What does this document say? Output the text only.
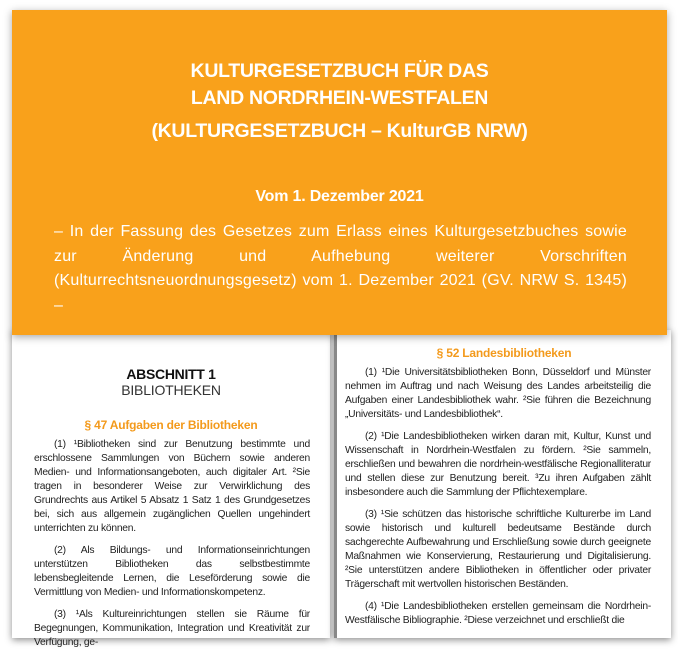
KULTURGESETZBUCH FÜR DAS
LAND NORDRHEIN-WESTFALEN
(KULTURGESETZBUCH – KulturGB NRW)
Vom 1. Dezember 2021
– In der Fassung des Gesetzes zum Erlass eines Kulturgesetzbuches sowie zur Änderung und Aufhebung weiterer Vorschriften (Kulturrechtsneuordnungsgesetz) vom 1. Dezember 2021 (GV. NRW S. 1345) –
ABSCHNITT 1
BIBLIOTHEKEN
§ 47 Aufgaben der Bibliotheken

(1) ¹Bibliotheken sind zur Benutzung bestimmte und erschlossene Sammlungen von Büchern sowie anderen Medien- und Informationsangeboten, auch digitaler Art. ²Sie tragen in besonderer Weise zur Verwirklichung des Grundrechts aus Artikel 5 Absatz 1 Satz 1 des Grundgesetzes bei, sich aus allgemein zugänglichen Quellen ungehindert unterrichten zu können.

(2) Als Bildungs- und Informationseinrichtungen unterstützen Bibliotheken das selbstbestimmte lebensbegleitende Lernen, die Leseförderung sowie die Vermittlung von Medien- und Informationskompetenz.

(3) ¹Als Kultureinrichtungen stellen sie Räume für Begegnungen, Kommunikation, Integration und Kreativität zur Verfügung, ge-

§ 52 Landesbibliotheken

(1) ¹Die Universitätsbibliotheken Bonn, Düsseldorf und Münster nehmen im Auftrag und nach Weisung des Landes arbeitsteilig die Aufgaben einer Landesbibliothek wahr. ²Sie führen die Bezeichnung „Universitäts- und Landesbibliothek“.

(2) ¹Die Landesbibliotheken wirken daran mit, Kultur, Kunst und Wissenschaft in Nordrhein-Westfalen zu fördern. ²Sie sammeln, erschließen und bewahren die nordrhein-westfälische Regionalliteratur und stellen diese zur Benutzung bereit. ³Zu ihren Aufgaben zählt insbesondere auch die Sammlung der Pflichtexemplare.

(3) ¹Sie schützen das historische schriftliche Kulturerbe im Land sowie historisch und kulturell bedeutsame Bestände durch sachgerechte Aufbewahrung und Erschließung sowie durch geeignete Maßnahmen wie Konservierung, Restaurierung und Digitalisierung. ²Sie unterstützen andere Bibliotheken in öffentlicher oder privater Trägerschaft mit wertvollen historischen Beständen.

(4) ¹Die Landesbibliotheken erstellen gemeinsam die Nordrhein-Westfälische Bibliographie. ²Diese verzeichnet und erschließt die
